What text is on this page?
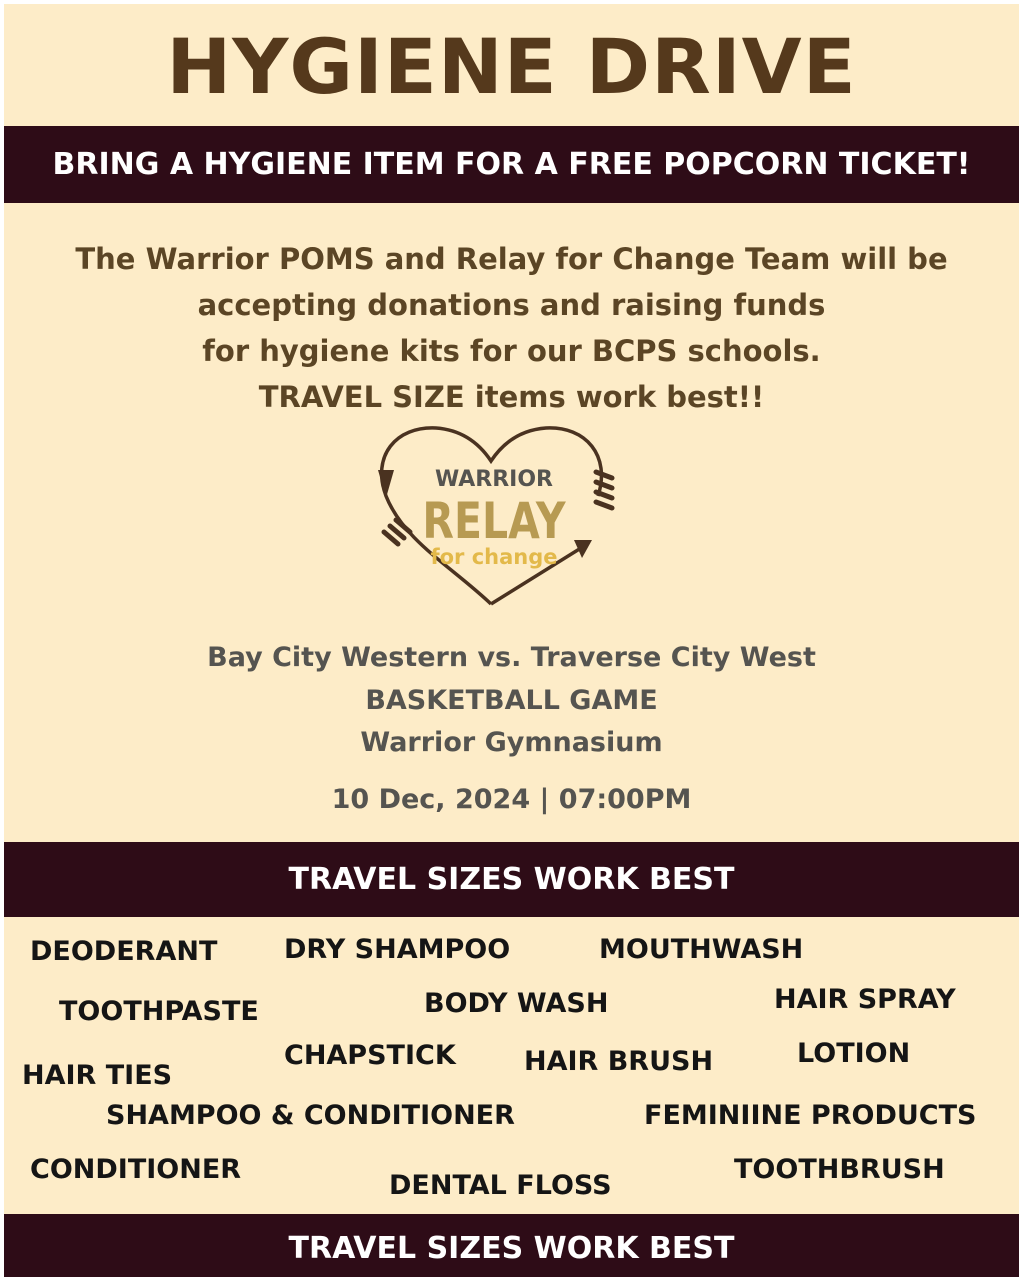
HYGIENE DRIVE
BRING A HYGIENE ITEM FOR A FREE POPCORN TICKET!
The Warrior POMS and Relay for Change Team will be
accepting donations and raising funds
for hygiene kits for our BCPS schools.
TRAVEL SIZE items work best!!
WARRIOR
RELAY
for change
Bay City Western vs. Traverse City West
BASKETBALL GAME
Warrior Gymnasium
10 Dec, 2024 | 07:00PM
TRAVEL SIZES WORK BEST
DEODERANT DRY SHAMPOO	MOUTHWASH
TOOTHPASTE	BODY WASH	HAIR SPRAY
HAIR TIES
CHAPSTICK	HAIR BRUSH	LOTION
SHAMPOO & CONDITIONER	FEMINIINE PRODUCTS
CONDITIONER
DENTAL FLOSS
TOOTHBRUSH
TRAVEL SIZES WORK BEST
